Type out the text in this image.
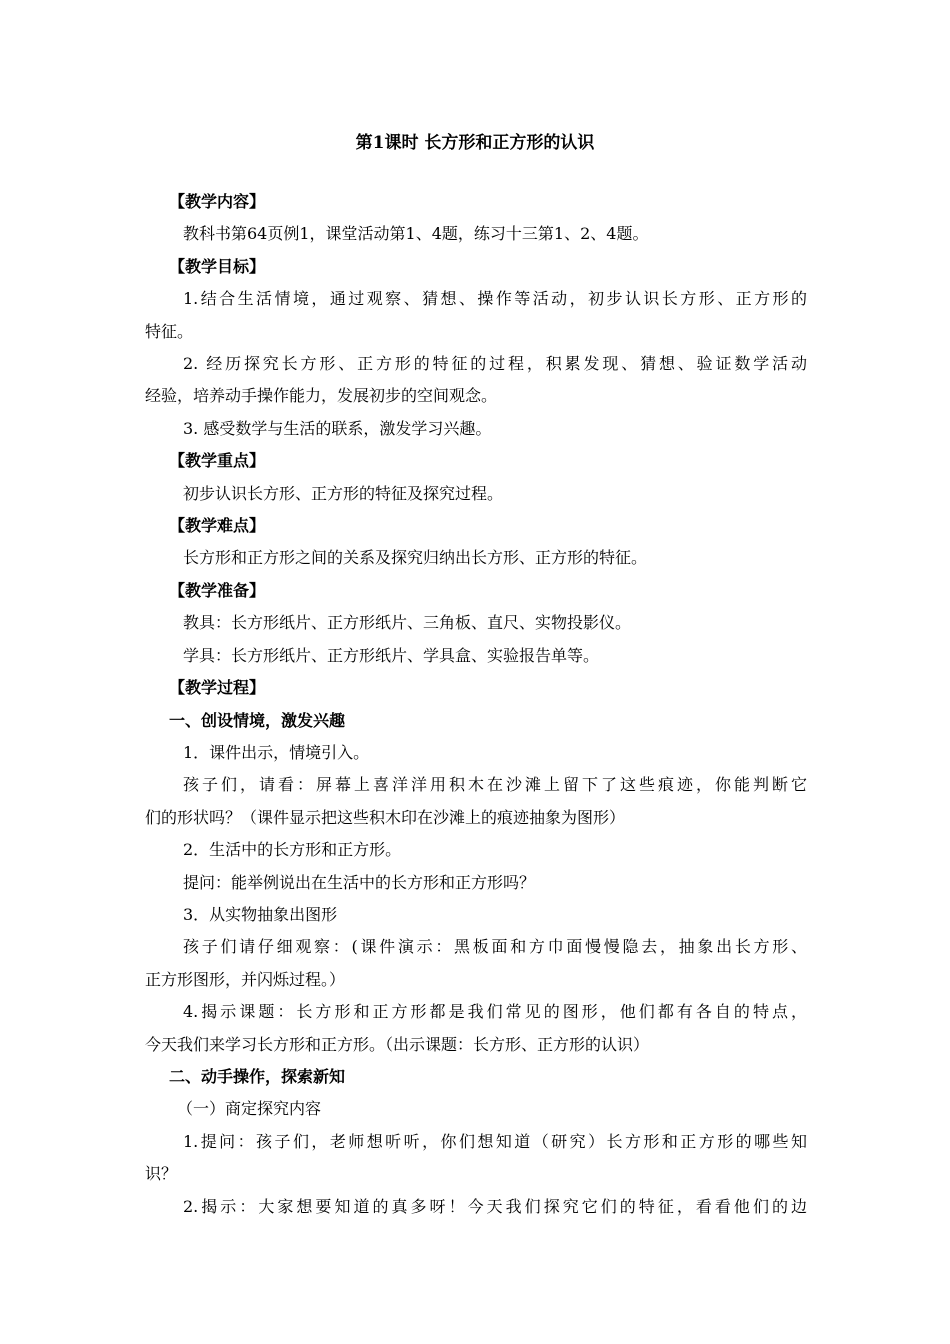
第1课时 长方形和正方形的认识

【教学内容】

教科书第64页例1，课堂活动第1、4题，练习十三第1、2、4题。

【教学目标】

1.结合生活情境，通过观察、猜想、操作等活动，初步认识长方形、正方形的

特征。

2. 经历探究长方形、正方形的特征的过程，积累发现、猜想、验证数学活动

经验，培养动手操作能力，发展初步的空间观念。

3. 感受数学与生活的联系，激发学习兴趣。

【教学重点】

初步认识长方形、正方形的特征及探究过程。

【教学难点】

长方形和正方形之间的关系及探究归纳出长方形、正方形的特征。

【教学准备】

教具：长方形纸片、正方形纸片、三角板、直尺、实物投影仪。

学具：长方形纸片、正方形纸片、学具盒、实验报告单等。

【教学过程】

一、创设情境，激发兴趣

1．课件出示，情境引入。

孩子们，请看：屏幕上喜洋洋用积木在沙滩上留下了这些痕迹，你能判断它

们的形状吗？（课件显示把这些积木印在沙滩上的痕迹抽象为图形）

2．生活中的长方形和正方形。

提问：能举例说出在生活中的长方形和正方形吗？

3．从实物抽象出图形

孩子们请仔细观察：(课件演示：黑板面和方巾面慢慢隐去，抽象出长方形、

正方形图形，并闪烁过程。）

4.揭示课题：长方形和正方形都是我们常见的图形，他们都有各自的特点，

今天我们来学习长方形和正方形。（出示课题：长方形、正方形的认识）

二、动手操作，探索新知

（一）商定探究内容

1.提问：孩子们，老师想听听，你们想知道（研究）长方形和正方形的哪些知

识？

2.揭示：大家想要知道的真多呀！今天我们探究它们的特征，看看他们的边
